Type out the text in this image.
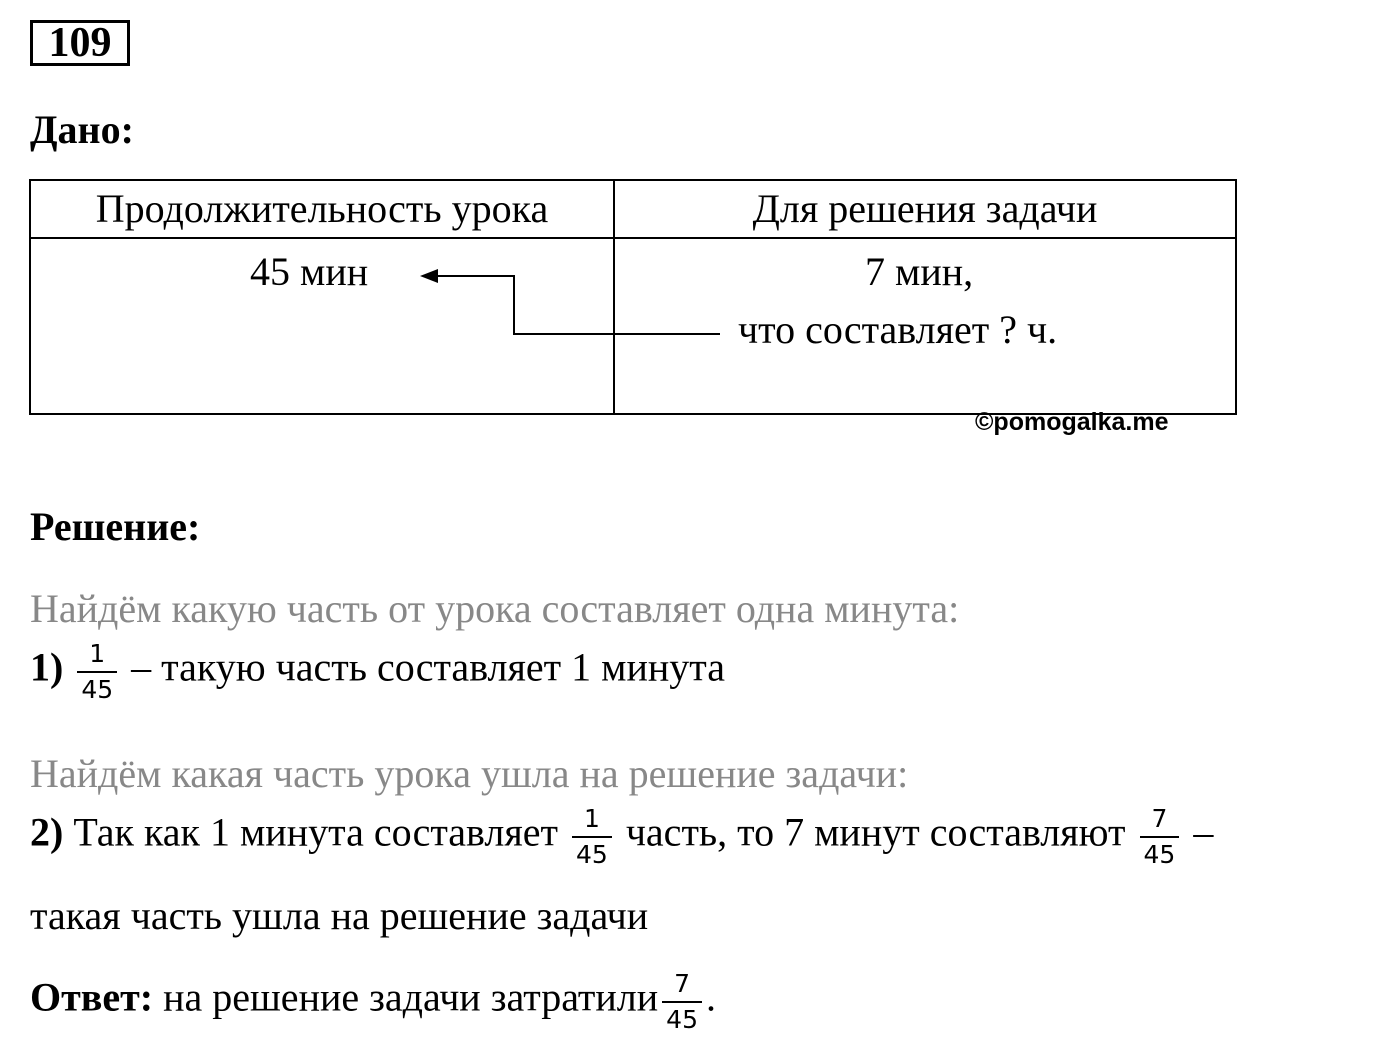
109
Дано:
Продолжительность урока	Для решения задачи

45 мин	7 мин,
что составляет ? ч.
©pomogalka.me
Решение:
Найдём какую часть от урока составляет одна минута:
$1) \frac{1}{45}$ – такую часть составляет 1 минута
Найдём какая часть урока ушла на решение задачи:
2) Так как 1 минута составляет $\frac{1}{45}$ часть, то 7 минут составляют $\frac{7}{45}$ –
такая часть ушла на решение задачи
Ответ: на решение задачи затратили $\frac{7}{45}$ .
